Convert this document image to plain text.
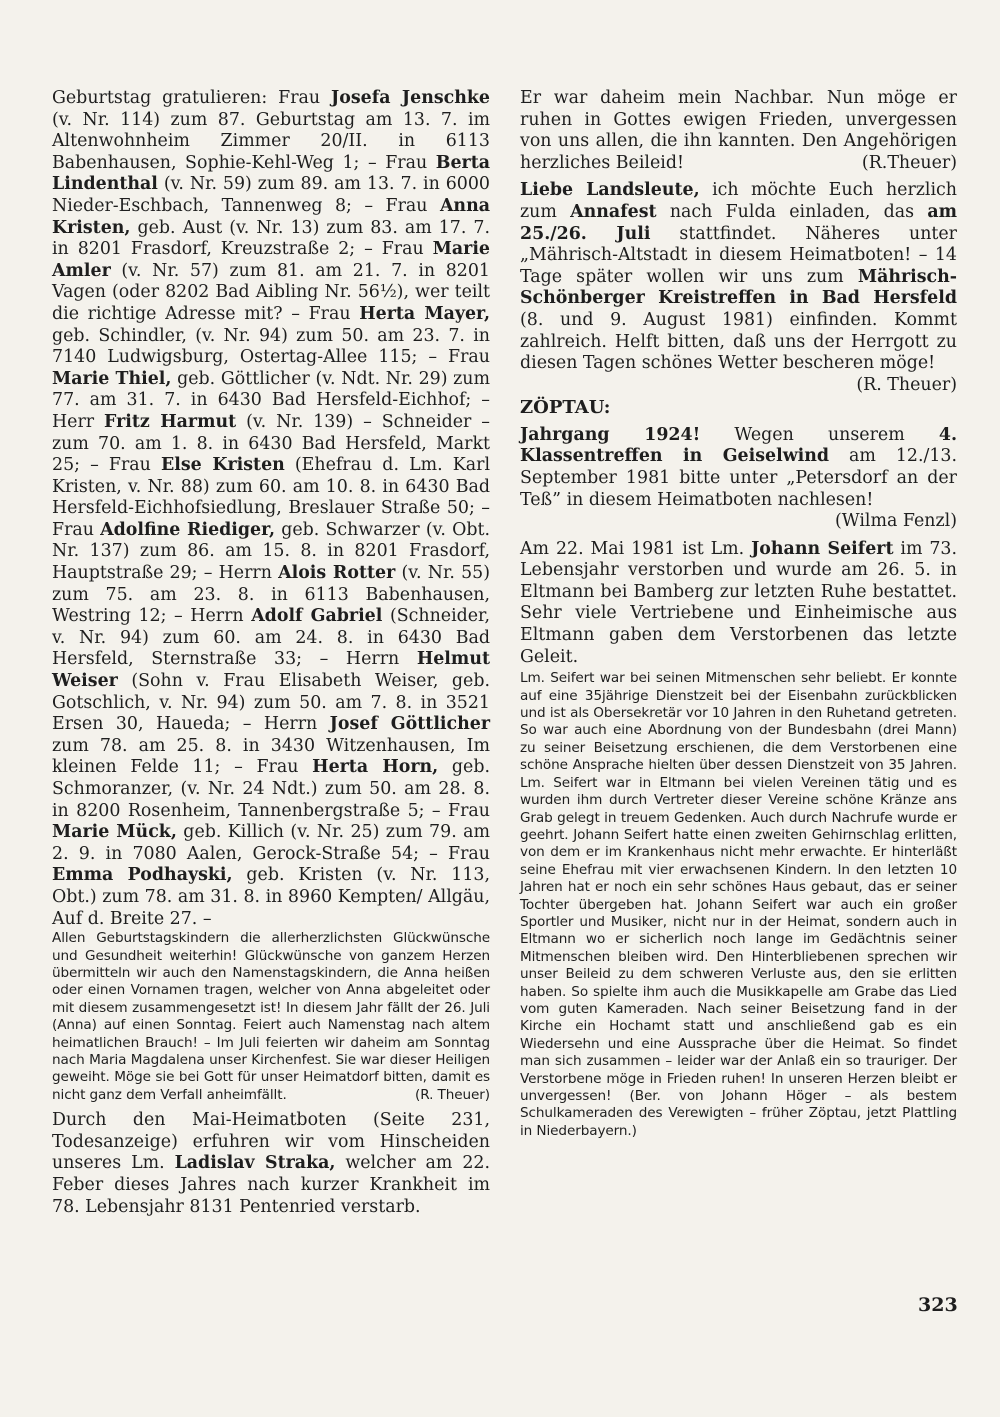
Geburtstag gratulieren: Frau Josefa Jenschke (v. Nr. 114) zum 87. Geburtstag am 13. 7. im Altenwohnheim Zimmer 20/II. in 6113 Babenhausen, Sophie-Kehl-Weg 1; – Frau Berta Lindenthal (v. Nr. 59) zum 89. am 13. 7. in 6000 Nieder-Eschbach, Tannenweg 8; – Frau Anna Kristen, geb. Aust (v. Nr. 13) zum 83. am 17. 7. in 8201 Frasdorf, Kreuzstraße 2; – Frau Marie Amler (v. Nr. 57) zum 81. am 21. 7. in 8201 Vagen (oder 8202 Bad Aibling Nr. 56½), wer teilt die richtige Adresse mit? – Frau Herta Mayer, geb. Schindler, (v. Nr. 94) zum 50. am 23. 7. in 7140 Ludwigsburg, Ostertag-Allee 115; – Frau Marie Thiel, geb. Göttlicher (v. Ndt. Nr. 29) zum 77. am 31. 7. in 6430 Bad Hersfeld-Eichhof; – Herr Fritz Harmut (v. Nr. 139) – Schneider – zum 70. am 1. 8. in 6430 Bad Hersfeld, Markt 25; – Frau Else Kristen (Ehefrau d. Lm. Karl Kristen, v. Nr. 88) zum 60. am 10. 8. in 6430 Bad Hersfeld-Eichhofsiedlung, Breslauer Straße 50; – Frau Adolfine Riediger, geb. Schwarzer (v. Obt. Nr. 137) zum 86. am 15. 8. in 8201 Frasdorf, Hauptstraße 29; – Herrn Alois Rotter (v. Nr. 55) zum 75. am 23. 8. in 6113 Babenhausen, Westring 12; – Herrn Adolf Gabriel (Schneider, v. Nr. 94) zum 60. am 24. 8. in 6430 Bad Hersfeld, Sternstraße 33; – Herrn Helmut Weiser (Sohn v. Frau Elisabeth Weiser, geb. Gotschlich, v. Nr. 94) zum 50. am 7. 8. in 3521 Ersen 30, Haueda; – Herrn Josef Göttlicher zum 78. am 25. 8. in 3430 Witzenhausen, Im kleinen Felde 11; – Frau Herta Horn, geb. Schmoranzer, (v. Nr. 24 Ndt.) zum 50. am 28. 8. in 8200 Rosenheim, Tannenbergstraße 5; – Frau Marie Mück, geb. Killich (v. Nr. 25) zum 79. am 2. 9. in 7080 Aalen, Gerock-Straße 54; – Frau Emma Podhayski, geb. Kristen (v. Nr. 113, Obt.) zum 78. am 31. 8. in 8960 Kempten/ Allgäu, Auf d. Breite 27. –

Allen Geburtstagskindern die allerherzlichsten Glückwünsche und Gesundheit weiterhin! Glückwünsche von ganzem Herzen übermitteln wir auch den Namenstagskindern, die Anna heißen oder einen Vornamen tragen, welcher von Anna abgeleitet oder mit diesem zusammengesetzt ist! In diesem Jahr fällt der 26. Juli (Anna) auf einen Sonntag. Feiert auch Namenstag nach altem heimatlichen Brauch! – Im Juli feierten wir daheim am Sonntag nach Maria Magdalena unser Kirchenfest. Sie war dieser Heiligen geweiht. Möge sie bei Gott für unser Heimatdorf bitten, damit es nicht ganz dem Verfall anheimfällt.	(R. Theuer)

Durch den Mai-Heimatboten (Seite 231, Todesanzeige) erfuhren wir vom Hinscheiden unseres Lm. Ladislav Straka, welcher am 22. Feber dieses Jahres nach kurzer Krankheit im 78. Lebensjahr 8131 Pentenried verstarb.

Er war daheim mein Nachbar. Nun möge er ruhen in Gottes ewigen Frieden, unvergessen von uns allen, die ihn kannten. Den Angehörigen herzliches Beileid!	(R.Theuer)

Liebe Landsleute, ich möchte Euch herzlich zum Annafest nach Fulda einladen, das am 25./26. Juli stattfindet. Näheres unter „Mährisch-Altstadt in diesem Heimatboten! – 14 Tage später wollen wir uns zum Mährisch-Schönberger Kreistreffen in Bad Hersfeld (8. und 9. August 1981) einfinden. Kommt zahlreich. Helft bitten, daß uns der Herrgott zu diesen Tagen schönes Wetter bescheren möge!
(R. Theuer)

ZÖPTAU:

Jahrgang 1924! Wegen unserem 4. Klassentreffen in Geiselwind am 12./13. September 1981 bitte unter „Petersdorf an der Teß” in diesem Heimatboten nachlesen!
(Wilma Fenzl)

Am 22. Mai 1981 ist Lm. Johann Seifert im 73. Lebensjahr verstorben und wurde am 26. 5. in Eltmann bei Bamberg zur letzten Ruhe bestattet. Sehr viele Vertriebene und Einheimische aus Eltmann gaben dem Verstorbenen das letzte Geleit.

Lm. Seifert war bei seinen Mitmenschen sehr beliebt. Er konnte auf eine 35jährige Dienstzeit bei der Eisenbahn zurückblicken und ist als Obersekretär vor 10 Jahren in den Ruhetand getreten. So war auch eine Abordnung von der Bundesbahn (drei Mann) zu seiner Beisetzung erschienen, die dem Verstorbenen eine schöne Ansprache hielten über dessen Dienstzeit von 35 Jahren. Lm. Seifert war in Eltmann bei vielen Vereinen tätig und es wurden ihm durch Vertreter dieser Vereine schöne Kränze ans Grab gelegt in treuem Gedenken. Auch durch Nachrufe wurde er geehrt. Johann Seifert hatte einen zweiten Gehirnschlag erlitten, von dem er im Krankenhaus nicht mehr erwachte. Er hinterläßt seine Ehefrau mit vier erwachsenen Kindern. In den letzten 10 Jahren hat er noch ein sehr schönes Haus gebaut, das er seiner Tochter übergeben hat. Johann Seifert war auch ein großer Sportler und Musiker, nicht nur in der Heimat, sondern auch in Eltmann wo er sicherlich noch lange im Gedächtnis seiner Mitmenschen bleiben wird. Den Hinterbliebenen sprechen wir unser Beileid zu dem schweren Verluste aus, den sie erlitten haben. So spielte ihm auch die Musikkapelle am Grabe das Lied vom guten Kameraden. Nach seiner Beisetzung fand in der Kirche ein Hochamt statt und anschließend gab es ein Wiedersehn und eine Aussprache über die Heimat. So findet man sich zusammen – leider war der Anlaß ein so trauriger. Der Verstorbene möge in Frieden ruhen! In unseren Herzen bleibt er unvergessen! (Ber. von Johann Höger – als bestem Schulkameraden des Verewigten – früher Zöptau, jetzt Plattling in Niederbayern.)

323
